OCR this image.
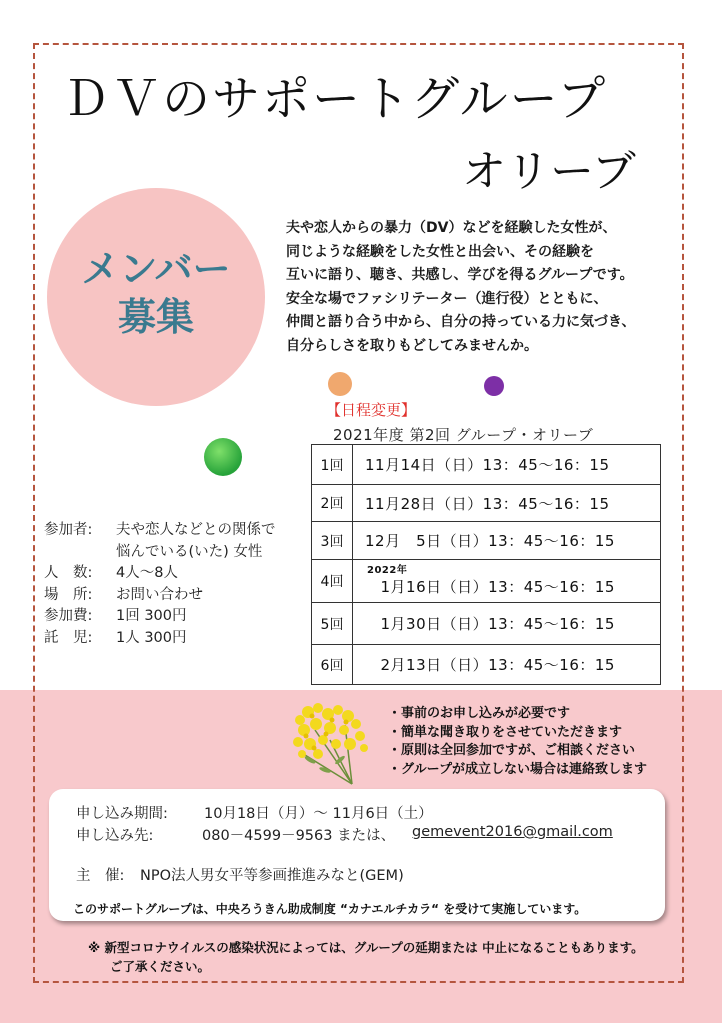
ＤＶのサポートグループ
オリーブ
メンバー
募集
夫や恋人からの暴力（DV）などを経験した女性が、
同じような経験をした女性と出会い、その経験を
互いに語り、聴き、共感し、学びを得るグループです。
安全な場でファシリテーター（進行役）とともに、
仲間と語り合う中から、自分の持っている力に気づき、
自分らしさを取りもどしてみませんか。
【日程変更】
2021年度 第2回 グループ・オリーブ
1回	11月14日（日）13：45〜16：15
2回	11月28日（日）13：45〜16：15
3回	12月　5日（日）13：45〜16：15
4回	2022年
　1月16日（日）13：45〜16：15
5回	　1月30日（日）13：45〜16：15
6回	　2月13日（日）13：45〜16：15
参加者:	夫や恋人などとの関係で
悩んでいる(いた) 女性
人　数:	4人〜8人
場　所:	お問い合わせ
参加費:	1回 300円
託　児:	1人 300円
・事前のお申し込みが必要です
・簡単な聞き取りをさせていただきます
・原則は全回参加ですが、ご相談ください
・グループが成立しない場合は連絡致します
申し込み期間: 10月18日（月）〜 11月6日（土）
申し込み先:	080－4599－9563 または、 gemevent2016@gmail.com
主　催: NPO法人男女平等参画推進みなと(GEM)
このサポートグループは、中央ろうきん助成制度 “カナエルチカラ“ を受けて実施しています。
※ 新型コロナウイルスの感染状況によっては、グループの延期または 中止になることもあります。
ご了承ください。
